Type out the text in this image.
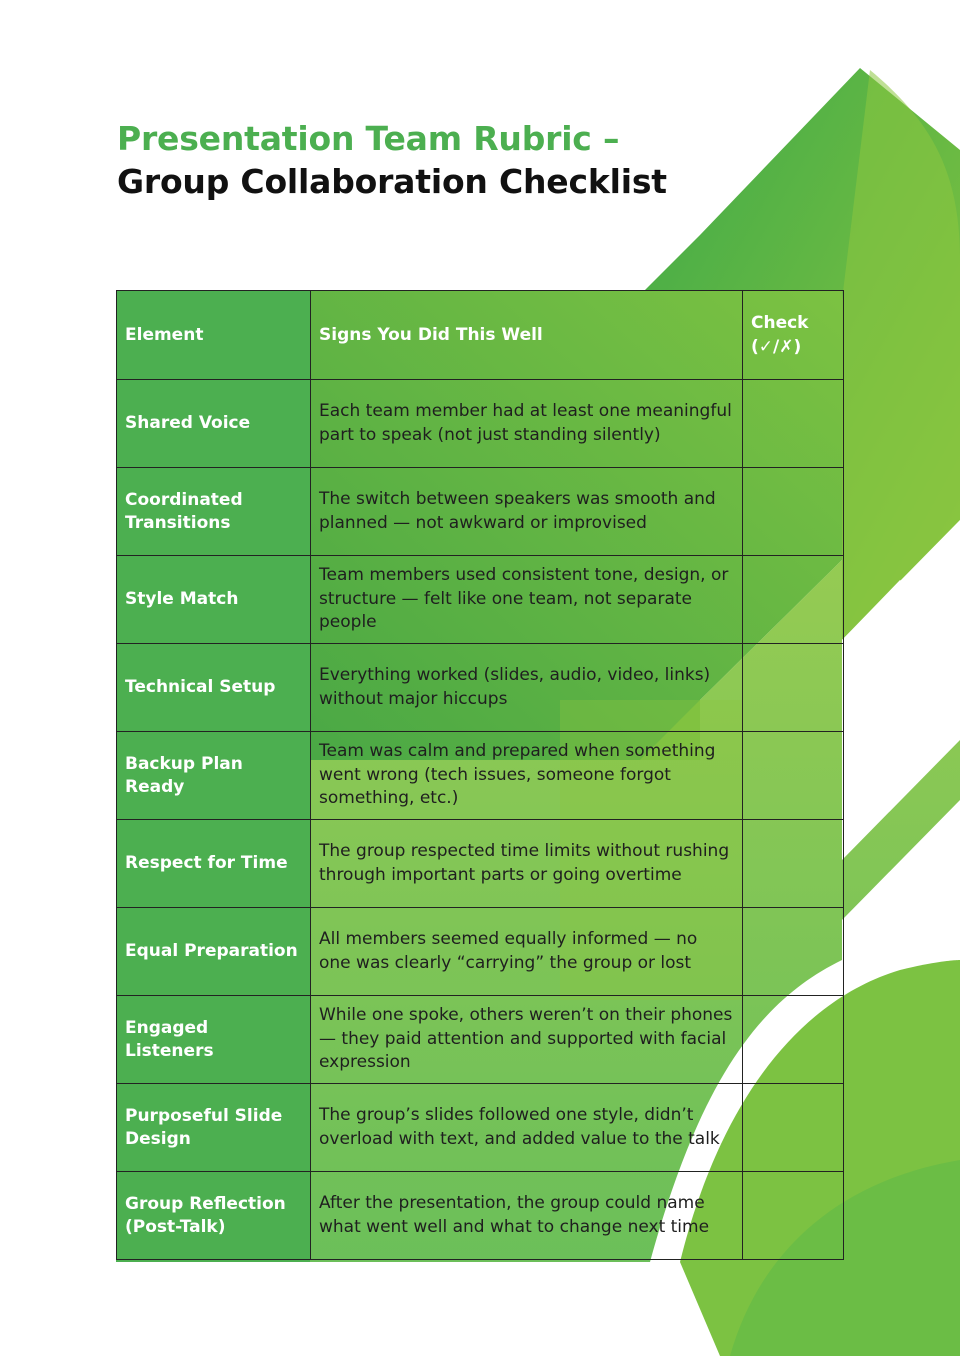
Presentation Team Rubric –
Group Collaboration Checklist
Element	Signs You Did This Well	Check (✓/✗)
Shared Voice	Each team member had at least one meaningful part to speak (not just standing silently)	
Coordinated Transitions	The switch between speakers was smooth and planned — not awkward or improvised	
Style Match	Team members used consistent tone, design, or structure — felt like one team, not separate people	
Technical Setup	Everything worked (slides, audio, video, links) without major hiccups	
Backup Plan Ready	Team was calm and prepared when something went wrong (tech issues, someone forgot something, etc.)	
Respect for Time	The group respected time limits without rushing through important parts or going overtime	
Equal Preparation	All members seemed equally informed — no one was clearly “carrying” the group or lost	
Engaged Listeners	While one spoke, others weren’t on their phones — they paid attention and supported with facial expression	
Purposeful Slide Design	The group’s slides followed one style, didn’t overload with text, and added value to the talk	
Group Reflection (Post-Talk)	After the presentation, the group could name what went well and what to change next time	
